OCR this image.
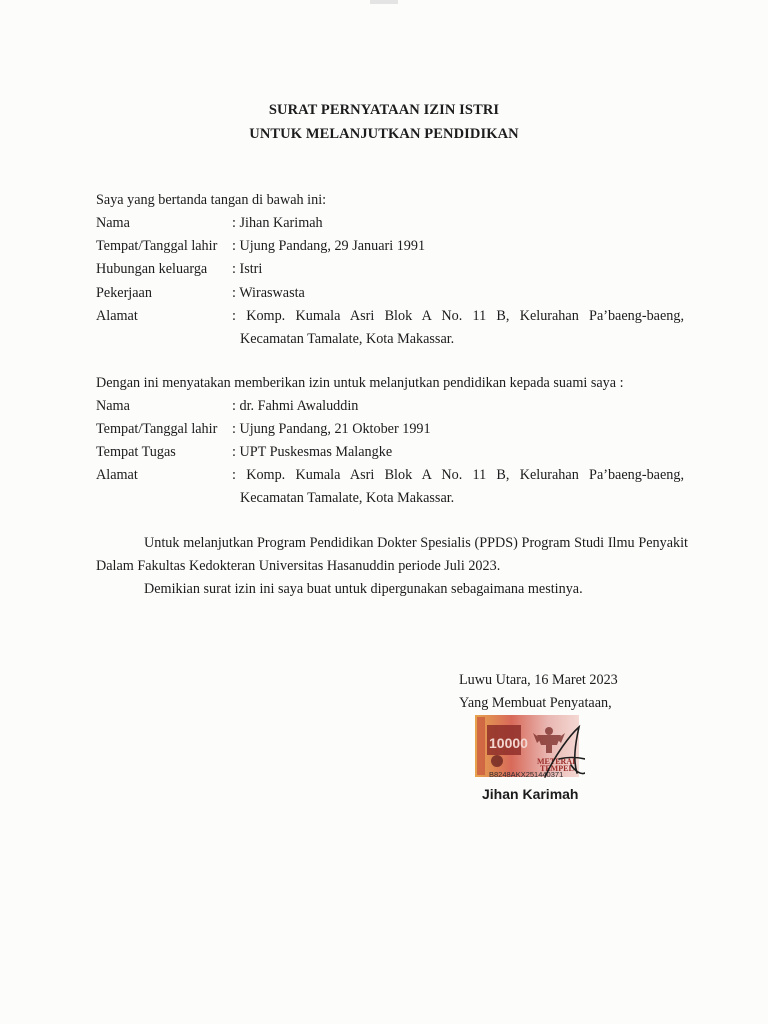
SURAT PERNYATAAN IZIN ISTRI
UNTUK MELANJUTKAN PENDIDIKAN
Saya yang bertanda tangan di bawah ini:
Nama	: Jihan Karimah
Tempat/Tanggal lahir : Ujung Pandang, 29 Januari 1991
Hubungan keluarga : Istri
Pekerjaan	: Wiraswasta
Alamat	: Komp. Kumala Asri Blok A No. 11 B, Kelurahan Pa’baeng-baeng,
Kecamatan Tamalate, Kota Makassar.
Dengan ini menyatakan memberikan izin untuk melanjutkan pendidikan kepada suami saya :
Nama	: dr. Fahmi Awaluddin
Tempat/Tanggal lahir : Ujung Pandang, 21 Oktober 1991
Tempat Tugas	: UPT Puskesmas Malangke
Alamat	: Komp. Kumala Asri Blok A No. 11 B, Kelurahan Pa’baeng-baeng,
Kecamatan Tamalate, Kota Makassar.
Untuk melanjutkan Program Pendidikan Dokter Spesialis (PPDS) Program Studi Ilmu Penyakit Dalam Fakultas Kedokteran Universitas Hasanuddin periode Juli 2023.
Demikian surat izin ini saya buat untuk dipergunakan sebagaimana mestinya.
Luwu Utara, 16 Maret 2023
Yang Membuat Penyataan,
10000
METERAI
TEMPEL
B8248AKX251440371
Jihan Karimah
